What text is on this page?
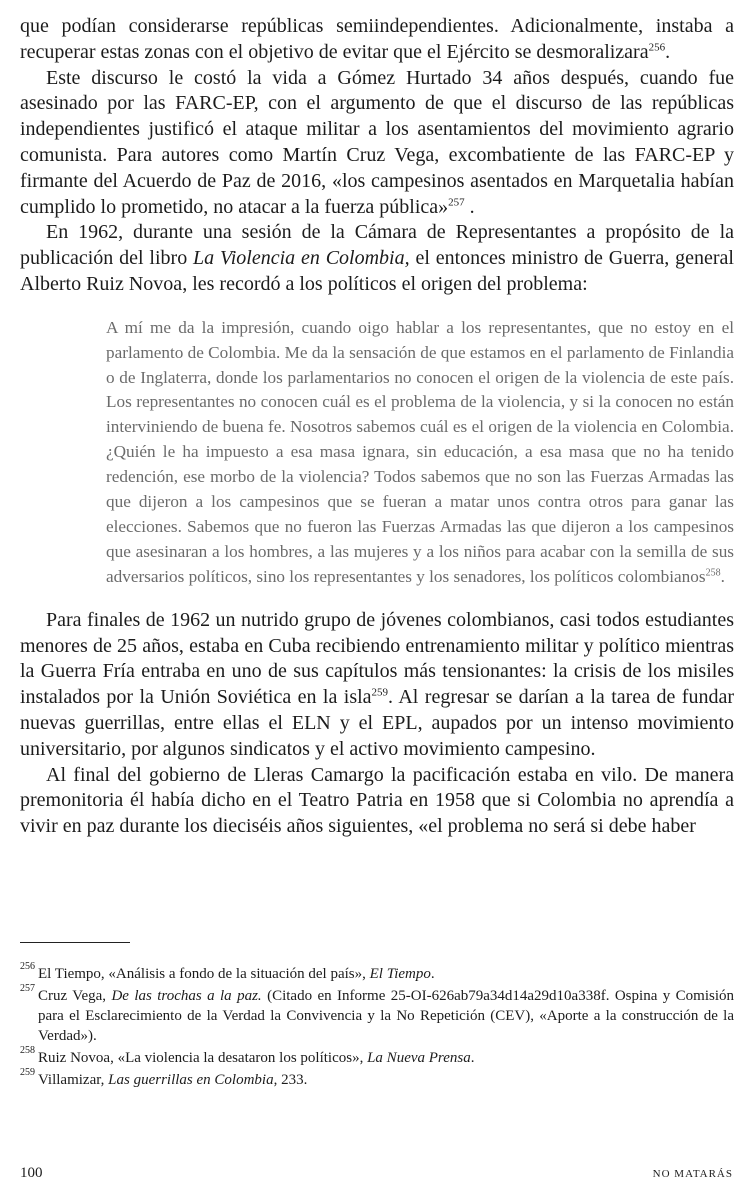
que podían considerarse repúblicas semiindependientes. Adicionalmente, instaba a recuperar estas zonas con el objetivo de evitar que el Ejército se desmoralizara$^{256}$.

Este discurso le costó la vida a Gómez Hurtado 34 años después, cuando fue asesinado por las FARC-EP, con el argumento de que el discurso de las repúblicas independientes justificó el ataque militar a los asentamientos del movimiento agrario comunista. Para autores como Martín Cruz Vega, excombatiente de las FARC-EP y firmante del Acuerdo de Paz de 2016, «los campesinos asentados en Marquetalia habían cumplido lo prometido, no atacar a la fuerza pública»$^{257}$ .

En 1962, durante una sesión de la Cámara de Representantes a propósito de la publicación del libro La Violencia en Colombia, el entonces ministro de Guerra, general Alberto Ruiz Novoa, les recordó a los políticos el origen del problema:

A mí me da la impresión, cuando oigo hablar a los representantes, que no estoy en el parlamento de Colombia. Me da la sensación de que estamos en el parlamento de Finlandia o de Inglaterra, donde los parlamentarios no conocen el origen de la violencia de este país. Los representantes no conocen cuál es el problema de la violencia, y si la conocen no están interviniendo de buena fe. Nosotros sabemos cuál es el origen de la violencia en Colombia. ¿Quién le ha impuesto a esa masa ignara, sin educación, a esa masa que no ha tenido redención, ese morbo de la violencia? Todos sabemos que no son las Fuerzas Armadas las que dijeron a los campesinos que se fueran a matar unos contra otros para ganar las elecciones. Sabemos que no fueron las Fuerzas Armadas las que dijeron a los campesinos que asesinaran a los hombres, a las mujeres y a los niños para acabar con la semilla de sus adversarios políticos, sino los representantes y los senadores, los políticos colombianos$^{258}$.

Para finales de 1962 un nutrido grupo de jóvenes colombianos, casi todos estudiantes menores de 25 años, estaba en Cuba recibiendo entrenamiento militar y político mientras la Guerra Fría entraba en uno de sus capítulos más tensionantes: la crisis de los misiles instalados por la Unión Soviética en la isla$^{259}$. Al regresar se darían a la tarea de fundar nuevas guerrillas, entre ellas el ELN y el EPL, aupados por un intenso movimiento universitario, por algunos sindicatos y el activo movimiento campesino.

Al final del gobierno de Lleras Camargo la pacificación estaba en vilo. De manera premonitoria él había dicho en el Teatro Patria en 1958 que si Colombia no aprendía a vivir en paz durante los dieciséis años siguientes, «el problema no será si debe haber

256 El Tiempo, «Análisis a fondo de la situación del país», El Tiempo.
257 Cruz Vega, De las trochas a la paz. (Citado en Informe 25-OI-626ab79a34d14a29d10a338f. Ospina y Comisión para el Esclarecimiento de la Verdad la Convivencia y la No Repetición (CEV), «Aporte a la construcción de la Verdad»).
258 Ruiz Novoa, «La violencia la desataron los políticos», La Nueva Prensa.
259 Villamizar, Las guerrillas en Colombia, 233.
100	NO MATARÁS
